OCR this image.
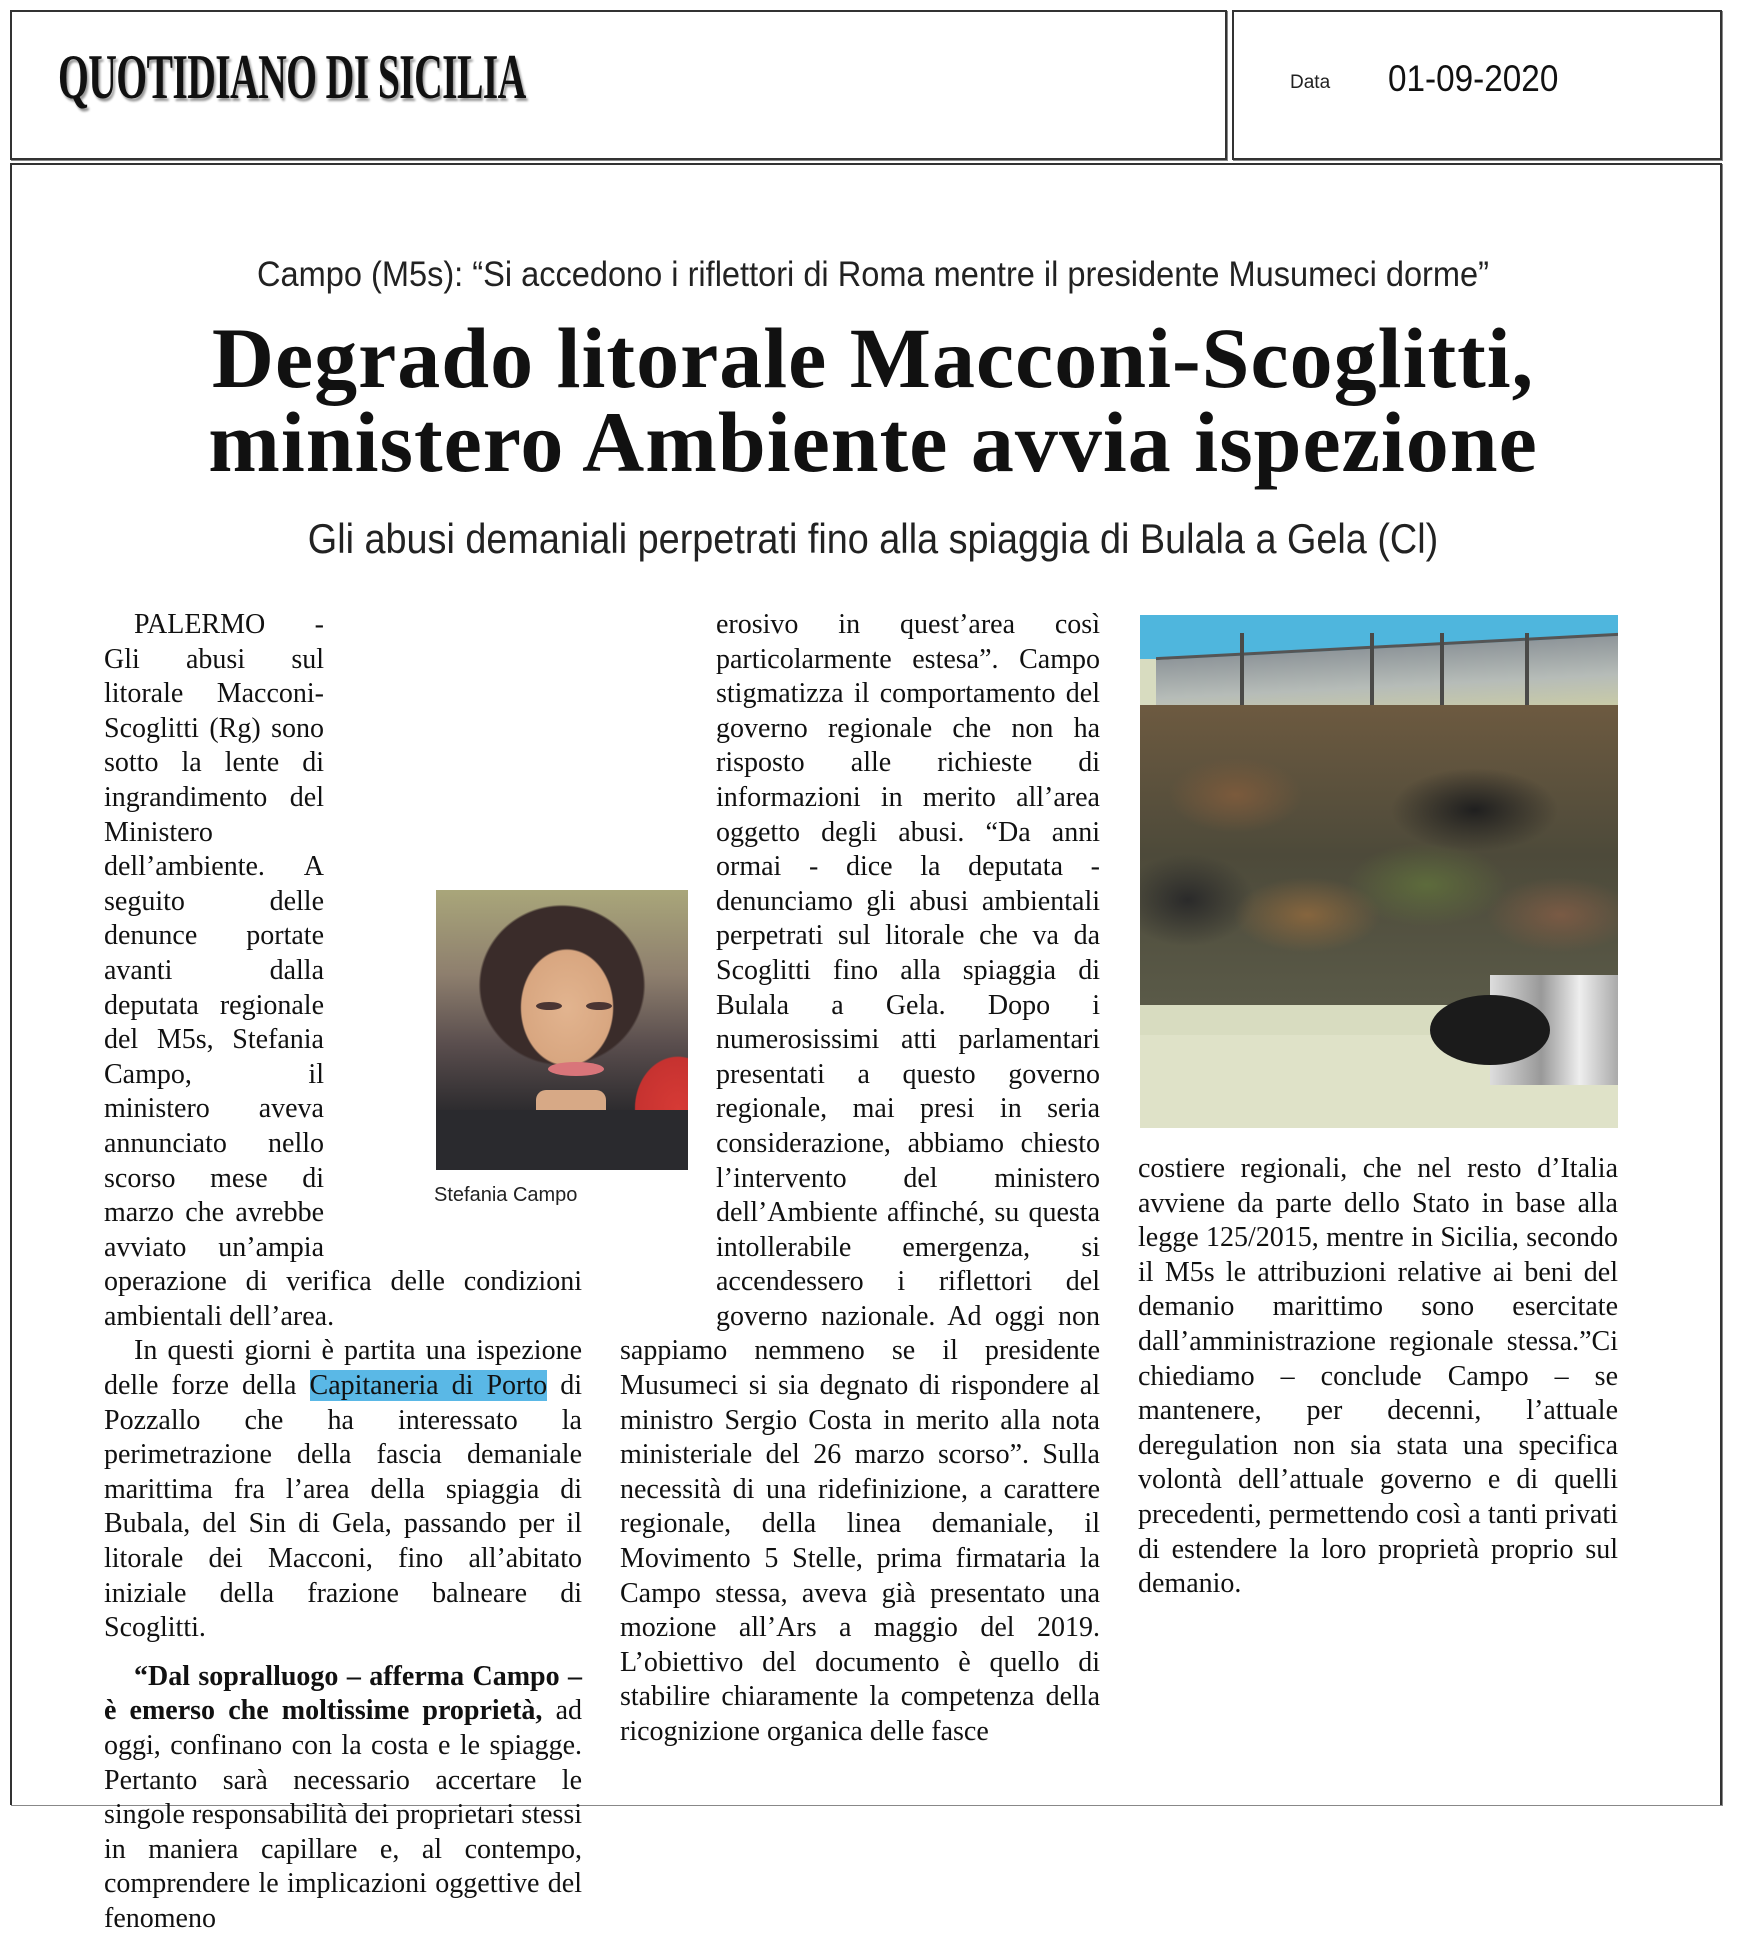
QUOTIDIANO DI SICILIA	Data 01-09-2020
Campo (M5s): “Si accedono i riflettori di Roma mentre il presidente Musumeci dorme”
Degrado litorale Macconi-Scoglitti,
ministero Ambiente avvia ispezione
Gli abusi demaniali perpetrati fino alla spiaggia di Bulala a Gela (Cl)

PALERMO - Gli abusi sul litorale Macconi-Scoglitti (Rg) sono sotto la lente di ingrandimento del Ministero dell’ambiente. A seguito delle denunce portate avanti dalla deputata regionale del M5s, Stefania Campo, il ministero aveva annunciato nello scorso mese di marzo che avrebbe avviato un’ampia operazione di verifica delle condizioni ambientali dell’area.

In questi giorni è partita una ispezione delle forze della Capitaneria di Porto di Pozzallo che ha interessato la perimetrazione della fascia demaniale marittima fra l’area della spiaggia di Bubala, del Sin di Gela, passando per il litorale dei Macconi, fino all’abitato iniziale della frazione balneare di Scoglitti.

“Dal sopralluogo – afferma Campo – è emerso che moltissime proprietà, ad oggi, confinano con la costa e le spiagge. Pertanto sarà necessario accertare le singole responsabilità dei proprietari stessi in maniera capillare e, al contempo, comprendere le implicazioni oggettive del fenomeno

Stefania Campo

erosivo in quest’area così particolarmente estesa”. Campo stigmatizza il comportamento del governo regionale che non ha risposto alle richieste di informazioni in merito all’area oggetto degli abusi. “Da anni ormai - dice la deputata - denunciamo gli abusi ambientali perpetrati sul litorale che va da Scoglitti fino alla spiaggia di Bulala a Gela. Dopo i numerosissimi atti parlamentari presentati a questo governo regionale, mai presi in seria considerazione, abbiamo chiesto l’intervento del ministero dell’Ambiente affinché, su questa intollerabile emergenza, si accendessero i riflettori del governo nazionale. Ad oggi non sappiamo nemmeno se il presidente Musumeci si sia degnato di rispondere al ministro Sergio Costa in merito alla nota ministeriale del 26 marzo scorso”. Sulla necessità di una ridefinizione, a carattere regionale, della linea demaniale, il Movimento 5 Stelle, prima firmataria la Campo stessa, aveva già presentato una mozione all’Ars a maggio del 2019. L’obiettivo del documento è quello di stabilire chiaramente la competenza della ricognizione organica delle fasce

costiere regionali, che nel resto d’Italia avviene da parte dello Stato in base alla legge 125/2015, mentre in Sicilia, secondo il M5s le attribuzioni relative ai beni del demanio marittimo sono esercitate dall’amministrazione regionale stessa.”Ci chiediamo – conclude Campo – se mantenere, per decenni, l’attuale deregulation non sia stata una specifica volontà dell’attuale governo e di quelli precedenti, permettendo così a tanti privati di estendere la loro proprietà proprio sul demanio.
